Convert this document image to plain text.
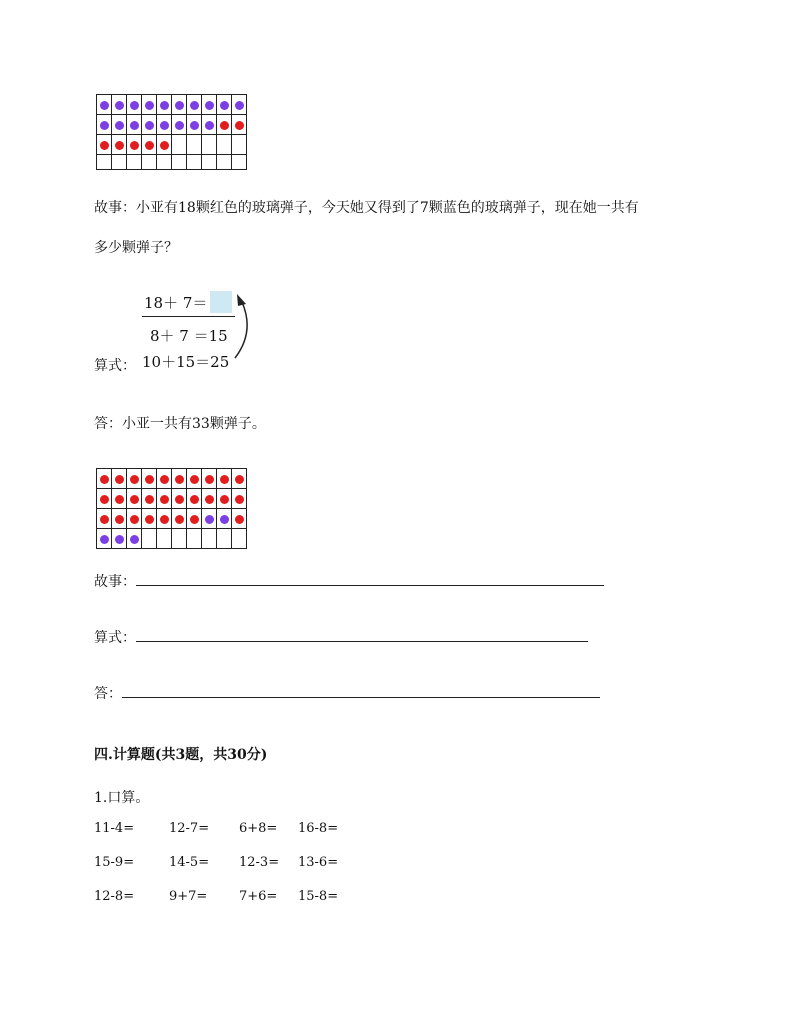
故事：小亚有18颗红色的玻璃弹子，今天她又得到了7颗蓝色的玻璃弹子，现在她一共有
多少颗弹子？
18＋ 7＝
8＋ 7 ＝15
算式： 10＋15＝25
答：小亚一共有33颗弹子。

故事：
算式：
答：
四.计算题(共3题，共30分)
1.口算。
11-4=	12-7= 6+8= 16-8=
15-9=	14-5= 12-3= 13-6=
12-8=	9+7= 7+6= 15-8=
